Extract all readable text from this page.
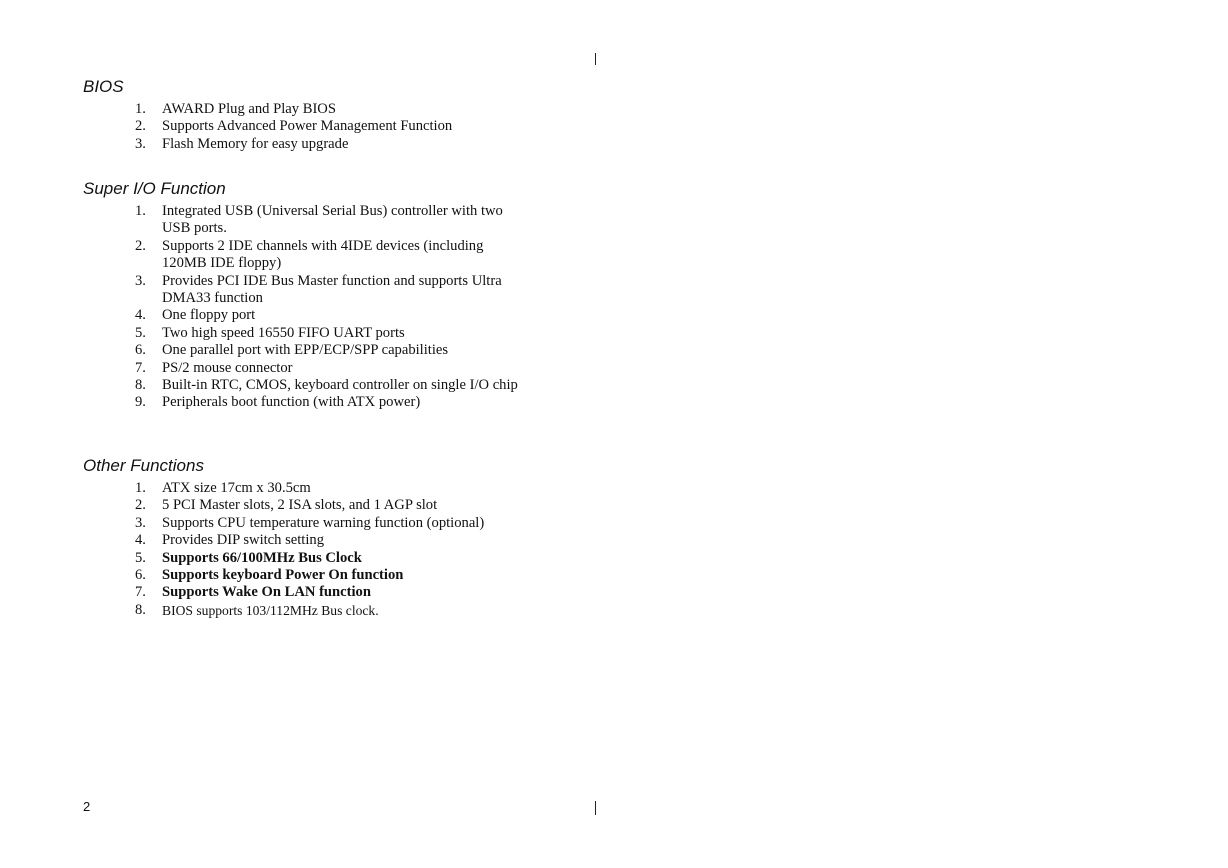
BIOS
1.	AWARD Plug and Play BIOS
2.	Supports Advanced Power Management Function
3.	Flash Memory for easy upgrade
Super I/O Function
1.	Integrated USB (Universal Serial Bus) controller with two USB ports.
2.	Supports 2 IDE channels with 4IDE devices (including 120MB IDE floppy)
3.	Provides PCI IDE Bus Master function and supports Ultra DMA33 function
4.	One floppy port
5.	Two high speed 16550 FIFO UART ports
6.	One parallel port with EPP/ECP/SPP capabilities
7.	PS/2 mouse connector
8.	Built-in RTC, CMOS, keyboard controller on single I/O chip
9.	Peripherals boot function (with ATX power)
Other Functions
1.	ATX size 17cm x 30.5cm
2.	5 PCI Master slots, 2 ISA slots, and 1 AGP slot
3.	Supports CPU temperature warning function (optional)
4.	Provides DIP switch setting
5.	Supports 66/100MHz Bus Clock
6.	Supports keyboard Power On function
7.	Supports Wake On LAN function
8.	BIOS supports 103/112MHz Bus clock.
2
